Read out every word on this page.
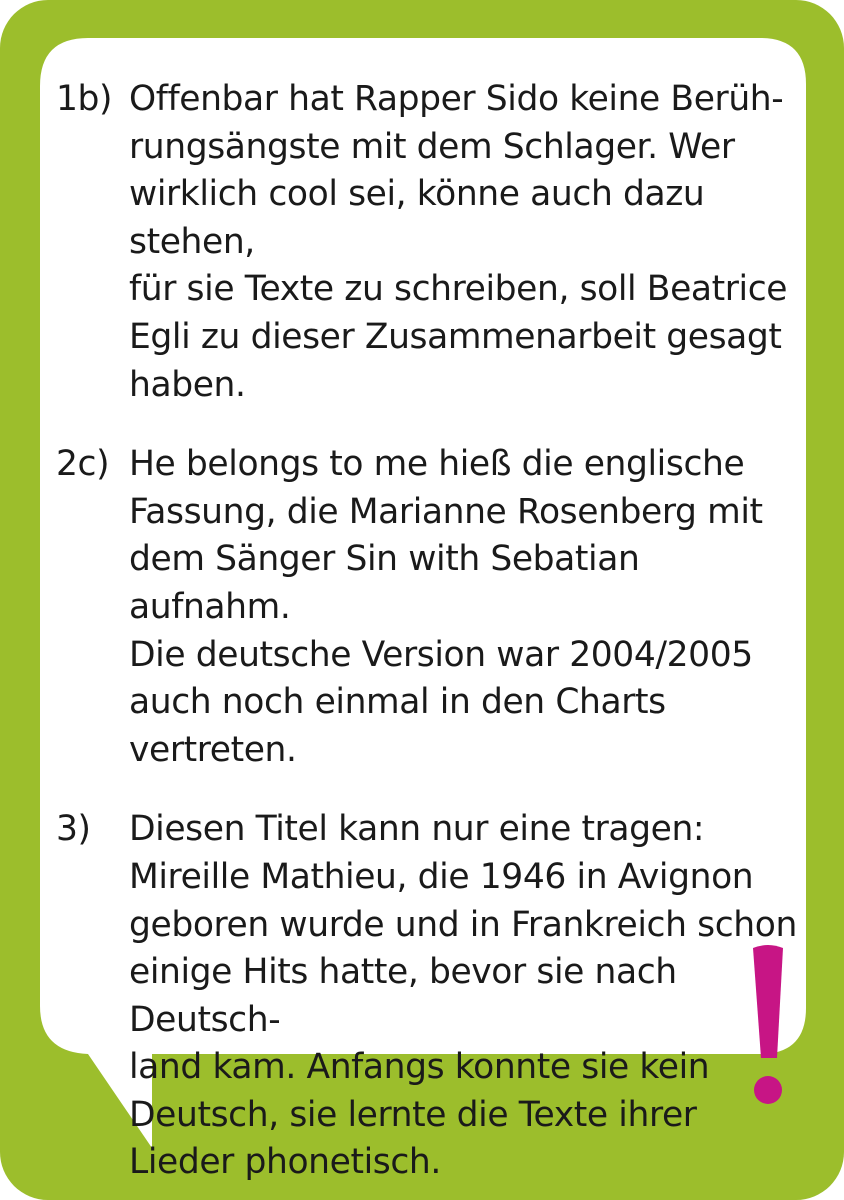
1b) Offenbar hat Rapper Sido keine Berüh-
rungsängste mit dem Schlager. Wer
wirklich cool sei, könne auch dazu stehen,
für sie Texte zu schreiben, soll Beatrice
Egli zu dieser Zusammenarbeit gesagt
haben.
2c) He belongs to me hieß die englische
Fassung, die Marianne Rosenberg mit
dem Sänger Sin with Sebatian aufnahm.
Die deutsche Version war 2004/2005
auch noch einmal in den Charts
vertreten.
3)	Diesen Titel kann nur eine tragen:
Mireille Mathieu, die 1946 in Avignon
geboren wurde und in Frankreich schon
einige Hits hatte, bevor sie nach Deutsch-
land kam. Anfangs konnte sie kein
Deutsch, sie lernte die Texte ihrer
Lieder phonetisch.
